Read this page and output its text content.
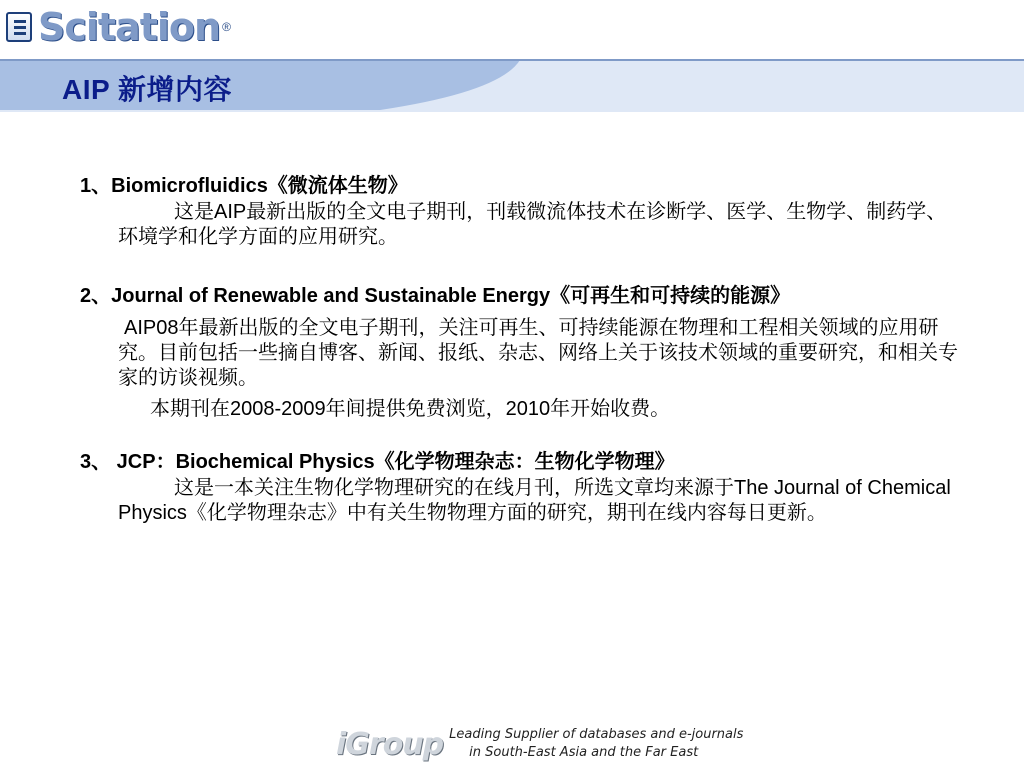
Scitation ®
AIP 新增内容
1、Biomicrofluidics《微流体生物》
这是AIP最新出版的全文电子期刊，刊载微流体技术在诊断学、医学、生物学、制药学、环境学和化学方面的应用研究。
2、Journal of Renewable and Sustainable Energy《可再生和可持续的能源》
AIP08年最新出版的全文电子期刊，关注可再生、可持续能源在物理和工程相关领域的应用研究。目前包括一些摘自博客、新闻、报纸、杂志、网络上关于该技术领域的重要研究，和相关专家的访谈视频。
本期刊在2008-2009年间提供免费浏览，2010年开始收费。
3、 JCP：Biochemical Physics《化学物理杂志：生物化学物理》
这是一本关注生物化学物理研究的在线月刊，所选文章均来源于The Journal of Chemical Physics《化学物理杂志》中有关生物物理方面的研究，期刊在线内容每日更新。
iGroup Leading Supplier of databases and e-journals
in South-East Asia and the Far East
